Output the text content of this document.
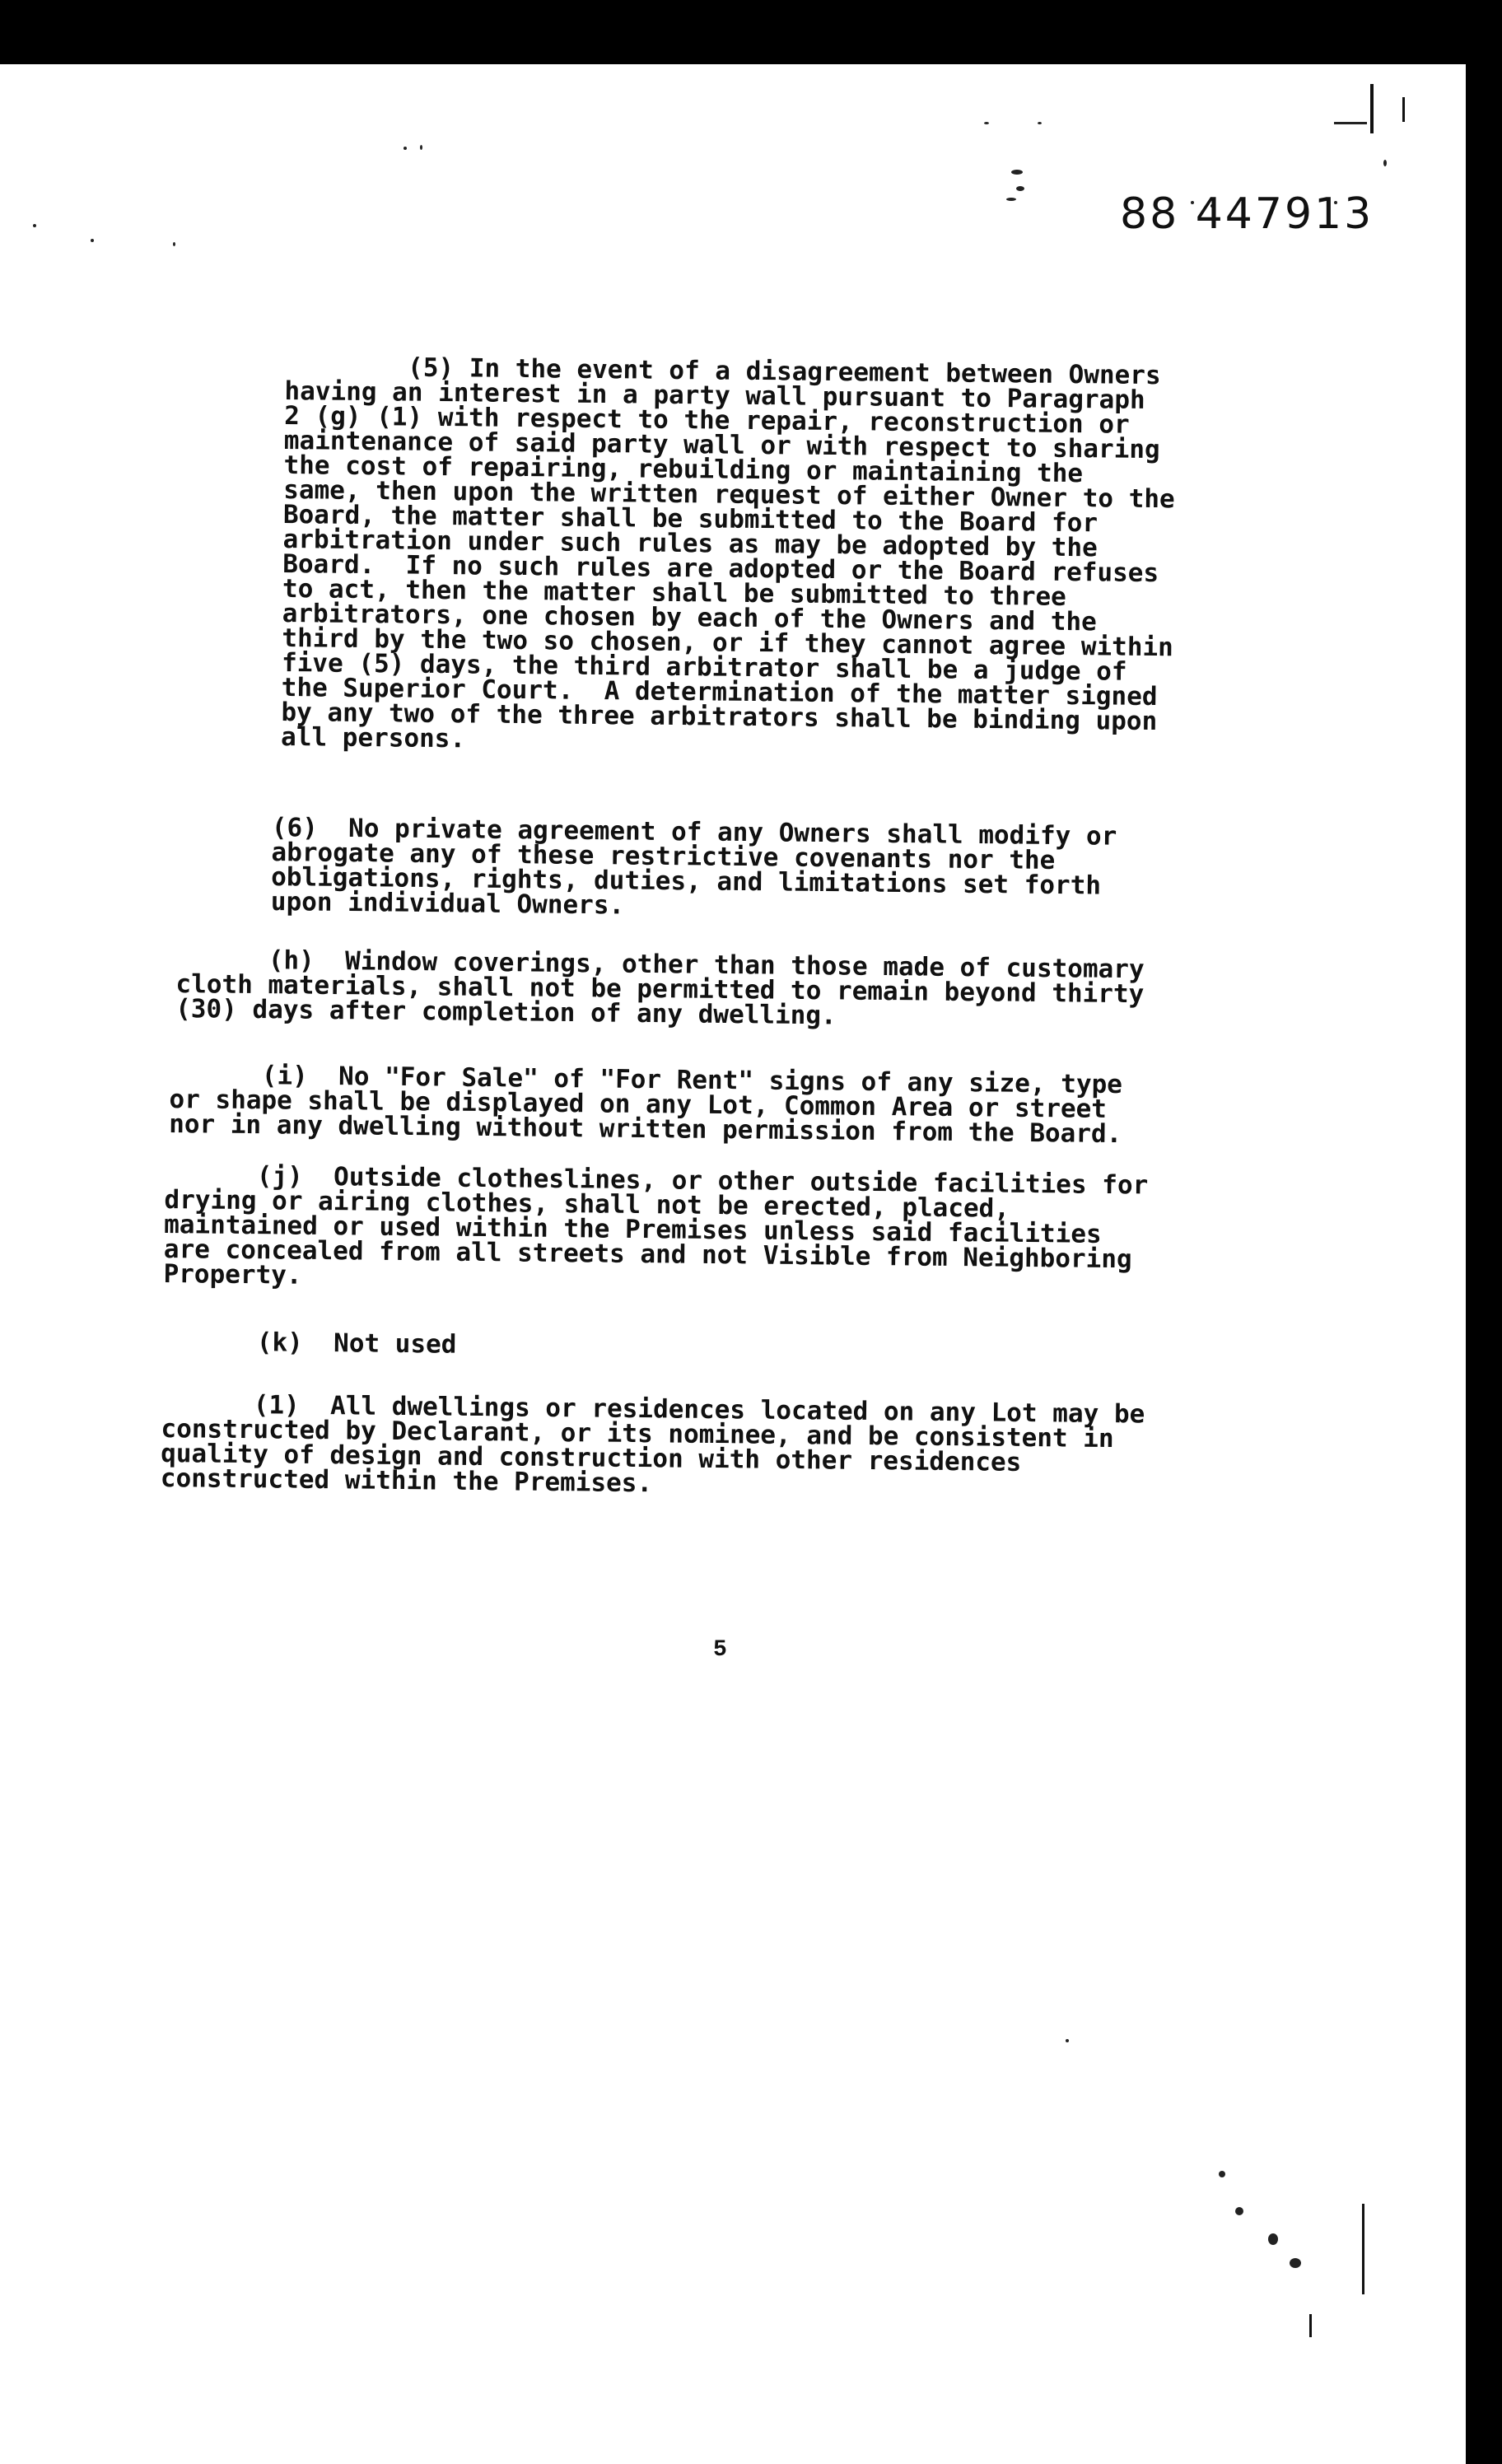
88 447913
(5) In the event of a disagreement between Owners
having an interest in a party wall pursuant to Paragraph
2 (g) (1) with respect to the repair, reconstruction or
maintenance of said party wall or with respect to sharing
the cost of repairing, rebuilding or maintaining the
same, then upon the written request of either Owner to the
Board, the matter shall be submitted to the Board for
arbitration under such rules as may be adopted by the
Board.  If no such rules are adopted or the Board refuses
to act, then the matter shall be submitted to three
arbitrators, one chosen by each of the Owners and the
third by the two so chosen, or if they cannot agree within
five (5) days, the third arbitrator shall be a judge of
the Superior Court.  A determination of the matter signed
by any two of the three arbitrators shall be binding upon
all persons.
(6)  No private agreement of any Owners shall modify or
abrogate any of these restrictive covenants nor the
obligations, rights, duties, and limitations set forth
upon individual Owners.
(h)  Window coverings, other than those made of customary
cloth materials, shall not be permitted to remain beyond thirty
(30) days after completion of any dwelling.
(i)  No "For Sale" of "For Rent" signs of any size, type
or shape shall be displayed on any Lot, Common Area or street
nor in any dwelling without written permission from the Board.
(j)  Outside clotheslines, or other outside facilities for
drying or airing clothes, shall not be erected, placed,
maintained or used within the Premises unless said facilities
are concealed from all streets and not Visible from Neighboring
Property.
(k)  Not used
(1)  All dwellings or residences located on any Lot may be
constructed by Declarant, or its nominee, and be consistent in
quality of design and construction with other residences
constructed within the Premises.
5
